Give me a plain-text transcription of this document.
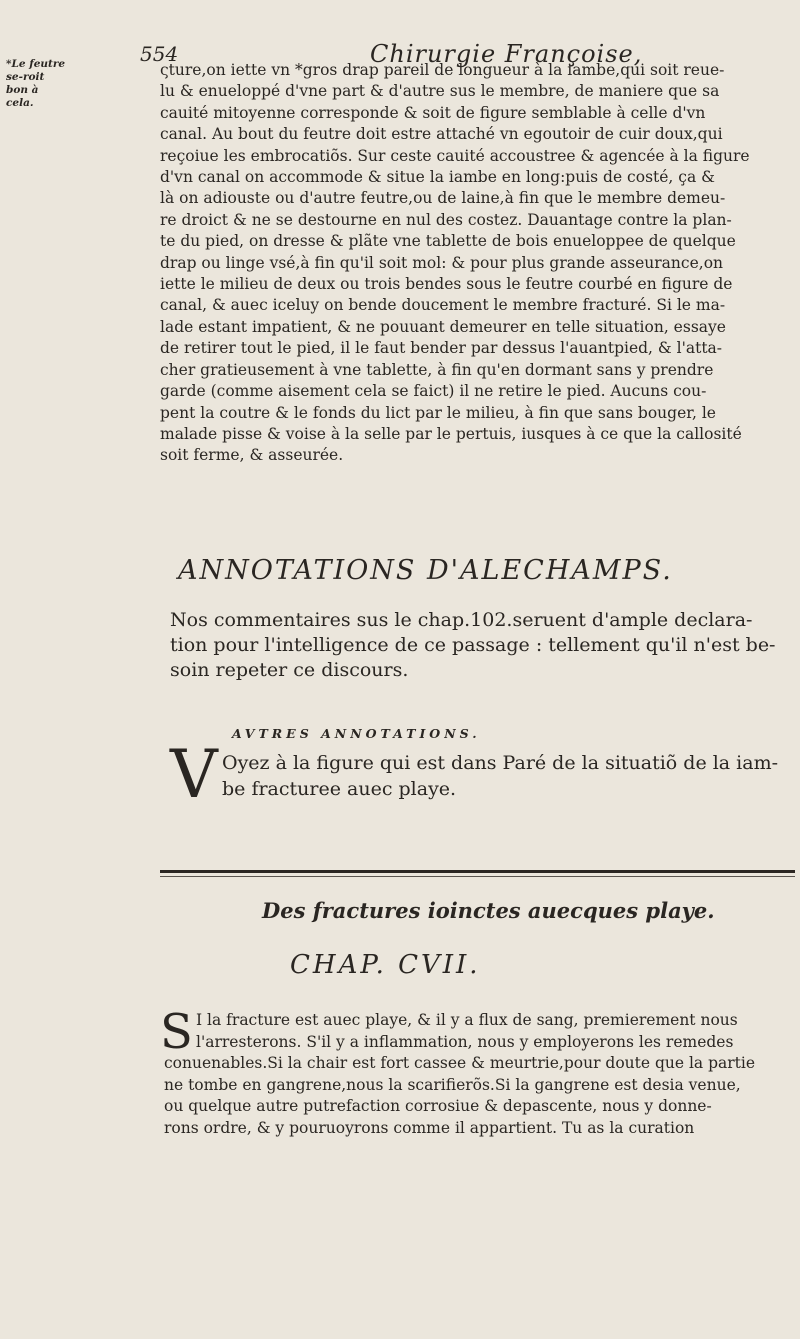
554	Chirurgie Françoise,
*Le feutre se-roit bon à cela.
ςture,on iette vn *gros drap pareil de longueur à la iambe,qui soit reue-
lu & enueloppé d'vne part & d'autre sus le membre, de maniere que sa
cauité mitoyenne corresponde & soit de figure semblable à celle d'vn
canal. Au bout du feutre doit estre attaché vn egoutoir de cuir doux,qui
reçoiue les embrocatiõs. Sur ceste cauité accoustree & agencée à la figure
d'vn canal on accommode & situe la iambe en long:puis de costé, ça &
là on adiouste ou d'autre feutre,ou de laine,à fin que le membre demeu-
re droict & ne se destourne en nul des costez. Dauantage contre la plan-
te du pied, on dresse & plãte vne tablette de bois enueloppee de quelque
drap ou linge vsé,à fin qu'il soit mol: & pour plus grande asseurance,on
iette le milieu de deux ou trois bendes sous le feutre courbé en figure de
canal, & auec iceluy on bende doucement le membre fracturé. Si le ma-
lade estant impatient, & ne pouuant demeurer en telle situation, essaye
de retirer tout le pied, il le faut bender par dessus l'auantpied, & l'atta-
cher gratieusement à vne tablette, à fin qu'en dormant sans y prendre
garde (comme aisement cela se faict) il ne retire le pied. Aucuns cou-
pent la coutre & le fonds du lict par le milieu, à fin que sans bouger, le
malade pisse & voise à la selle par le pertuis, iusques à ce que la callosité
soit ferme, & asseurée.
ANNOTATIONS D'ALECHAMPS.
Nos commentaires sus le chap.102.seruent d'ample declara-
tion pour l'intelligence de ce passage : tellement qu'il n'est be-
soin repeter ce discours.
AVTRES ANNOTATIONS.
V Oyez à la figure qui est dans Paré de la situatiõ de la iam-
be fracturee auec playe.
Des fractures ioinctes auecques playe.
CHAP. CVII.
S I la fracture est auec playe, & il y a flux de sang, premierement nous
l'arresterons. S'il y a inflammation, nous y employerons les remedes
conuenables.Si la chair est fort cassee & meurtrie,pour doute que la partie
ne tombe en gangrene,nous la scarifierõs.Si la gangrene est desia venue,
ou quelque autre putrefaction corrosiue & depascente, nous y donne-
rons ordre, & y pouruoyrons comme il appartient. Tu as la curation
